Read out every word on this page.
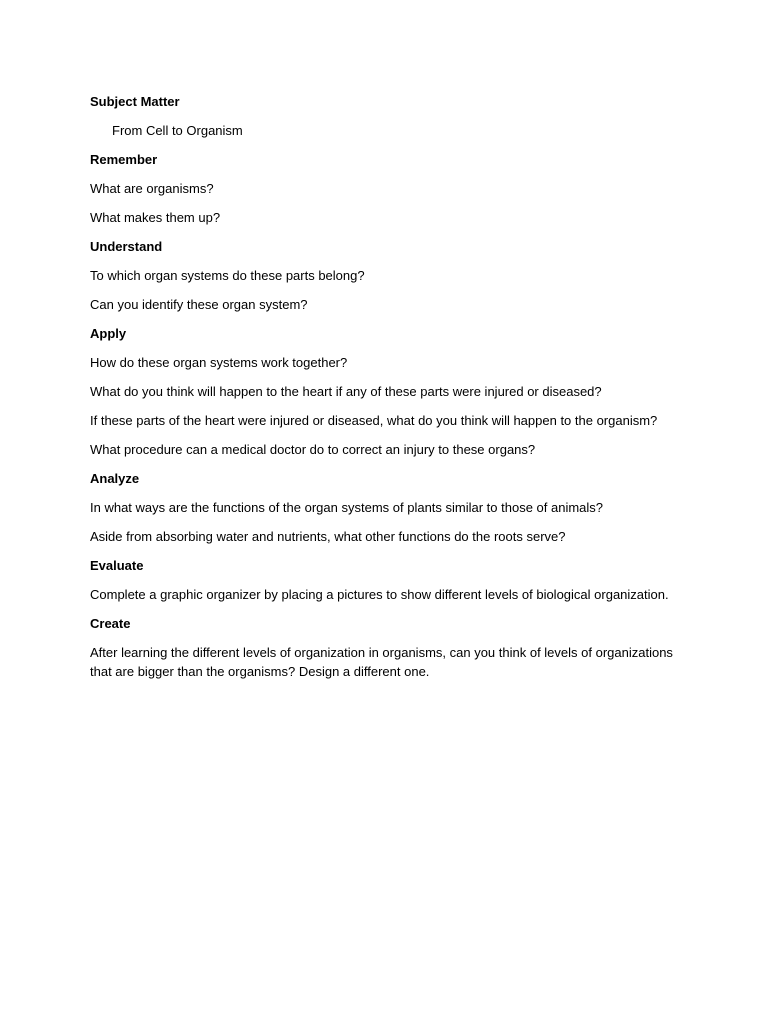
Subject Matter

From Cell to Organism

Remember

What are organisms?

What makes them up?

Understand

To which organ systems do these parts belong?

Can you identify these organ system?

Apply

How do these organ systems work together?

What do you think will happen to the heart if any of these parts were injured or diseased?

If these parts of the heart were injured or diseased, what do you think will happen to the organism?

What procedure can a medical doctor do to correct an injury to these organs?

Analyze

In what ways are the functions of the organ systems of plants similar to those of animals?

Aside from absorbing water and nutrients, what other functions do the roots serve?

Evaluate

Complete a graphic organizer by placing a pictures to show different levels of biological organization.

Create

After learning the different levels of organization in organisms, can you think of levels of organizations that are bigger than the organisms? Design a different one.
